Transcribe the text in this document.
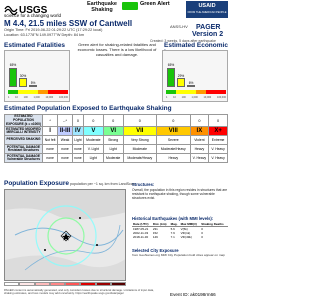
USGS
science for a changing world
Earthquake Shaking
Green Alert	USAID
FROM THE AMERICAN PEOPLE
M 4.4, 21.5 miles SSW of Cantwell
Origin Time: Fri 2019-06-22 01:29:22 UTC (17:29:22 local)
Location: 63.1778°N 149.0977°W Depth: 84 km
ANSS-HV PAGER
Version 2
Created: 3 weeks, 5 days after earthquake
Estimated Fatalities	Estimated Economic
65%
30%
5%
1 10 100 1,000 10,000 100,000
65%
29%
6%
1 10 100 1,000 10,000 100,000
Green alert for shaking-related fatalities and economic losses. There is a low likelihood of casualties and damage.
Estimated Population Exposed to Earthquake Shaking
ESTIMATED POPULATION EXPOSURE (k = x1000)	*	--*	0	0	0	0	0	0	0
ESTIMATED MODIFIED MERCALLI INTENSITY	I	II-III	IV	V	VI	VII	VIII	IX	X+
PERCEIVED SHAKING	Not felt	Weak	Light	Moderate	Strong	Very Strong	Severe	Violent	Extreme
POTENTIAL DAMAGE Resistant Structures	none	none	none	V. Light	Light	Moderate	Moderate/Heavy	Heavy	V. Heavy
POTENTIAL DAMAGE Vulnerable Structures	none	none	none	Light	Moderate	Moderate/Heavy	Heavy	V. Heavy	V. Heavy
Population Exposure population per ~1 sq. km from LandScan
Structures:
Overall, the population in this region resides in structures that are resistant to earthquake shaking, though some vulnerable structures exist.
Historical Earthquakes (with MMI levels):
Date (UTC)	Dist. (km)	Mag.	Max MMI(#)	Shaking Deaths
1987-05-21	231	5.6	V(5k)	0
2002-11-03	152	7.9	VIII(1k)	0
2018-11-30	149	7.1	VIII(49k)	0
Selected City Exposure
from GeoNames.org MMI City Population bold cities appear on map
PAGER content is automatically generated, and only considers losses due to structural damage. Limitations of input data, shaking estimates, and loss models may add uncertainty. https://earthquake.usgs.gov/data/pager	Event ID: ak0198rm66
